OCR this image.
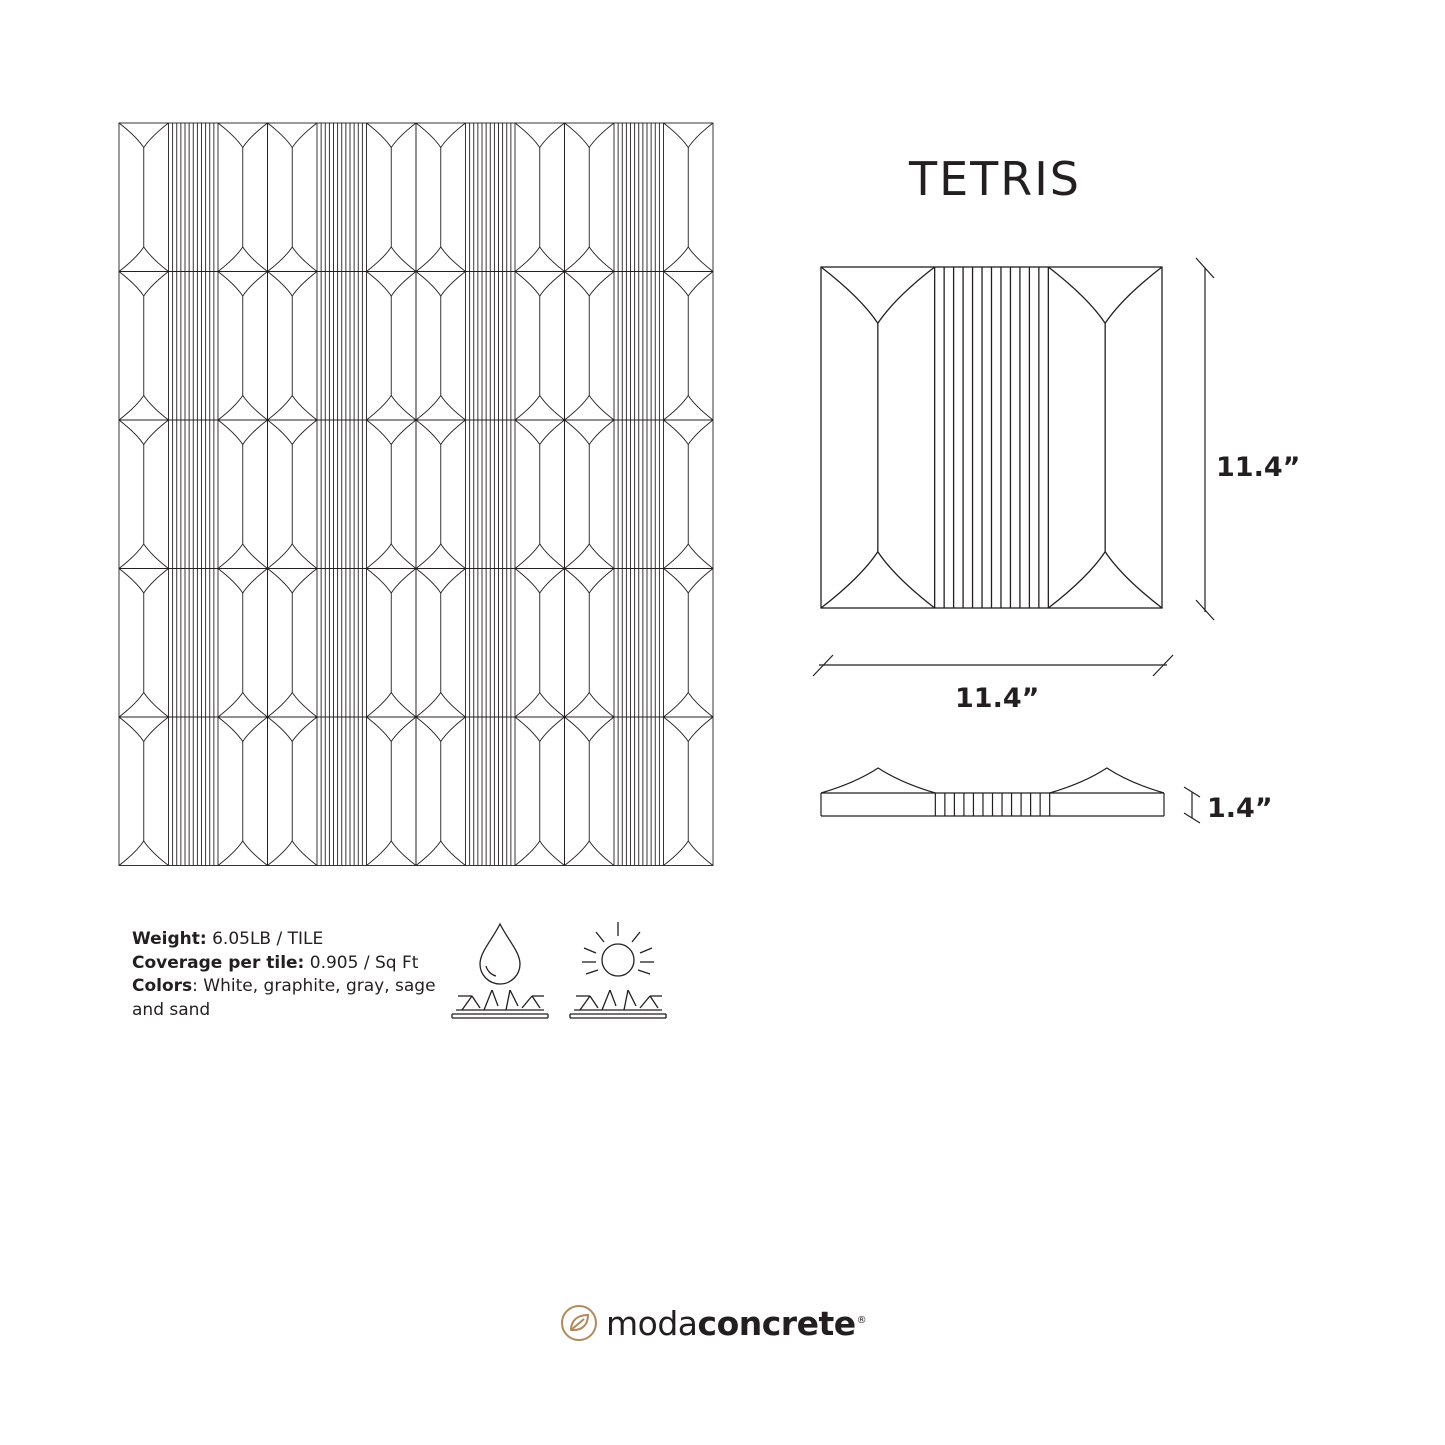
TETRIS
11.4”
11.4”
1.4”
Weight: 6.05LB / TILE
Coverage per tile: 0.905 / Sq Ft
Colors: White, graphite, gray, sage and sand
modaconcrete®
